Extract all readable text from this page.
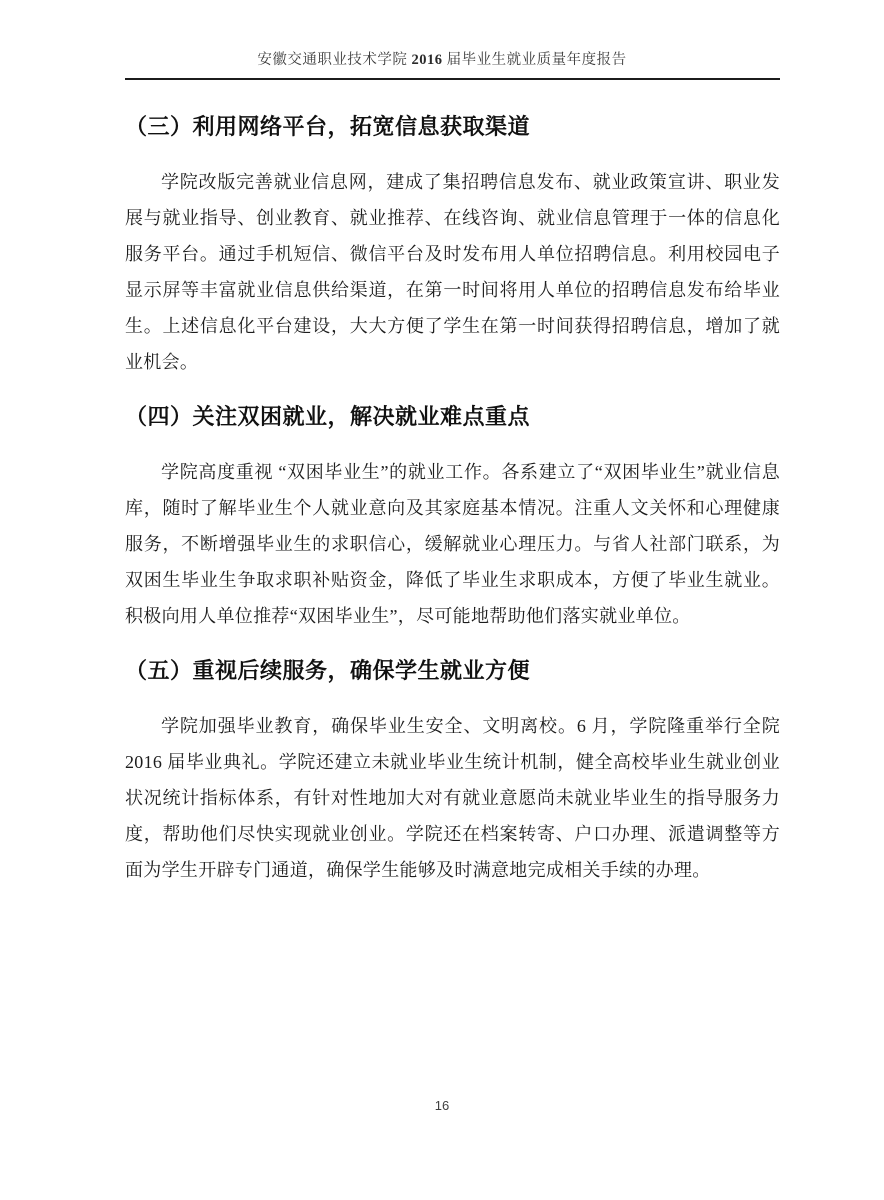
安徽交通职业技术学院 2016 届毕业生就业质量年度报告
（三）利用网络平台，拓宽信息获取渠道

学院改版完善就业信息网，建成了集招聘信息发布、就业政策宣讲、职业发展与就业指导、创业教育、就业推荐、在线咨询、就业信息管理于一体的信息化服务平台。通过手机短信、微信平台及时发布用人单位招聘信息。利用校园电子显示屏等丰富就业信息供给渠道，在第一时间将用人单位的招聘信息发布给毕业生。上述信息化平台建设，大大方便了学生在第一时间获得招聘信息，增加了就业机会。

（四）关注双困就业，解决就业难点重点

学院高度重视 “双困毕业生”的就业工作。各系建立了“双困毕业生”就业信息库，随时了解毕业生个人就业意向及其家庭基本情况。注重人文关怀和心理健康服务，不断增强毕业生的求职信心，缓解就业心理压力。与省人社部门联系，为双困生毕业生争取求职补贴资金，降低了毕业生求职成本，方便了毕业生就业。积极向用人单位推荐“双困毕业生”，尽可能地帮助他们落实就业单位。

（五）重视后续服务，确保学生就业方便

学院加强毕业教育，确保毕业生安全、文明离校。6 月，学院隆重举行全院 2016 届毕业典礼。学院还建立未就业毕业生统计机制，健全高校毕业生就业创业状况统计指标体系，有针对性地加大对有就业意愿尚未就业毕业生的指导服务力度，帮助他们尽快实现就业创业。学院还在档案转寄、户口办理、派遣调整等方面为学生开辟专门通道，确保学生能够及时满意地完成相关手续的办理。

16
